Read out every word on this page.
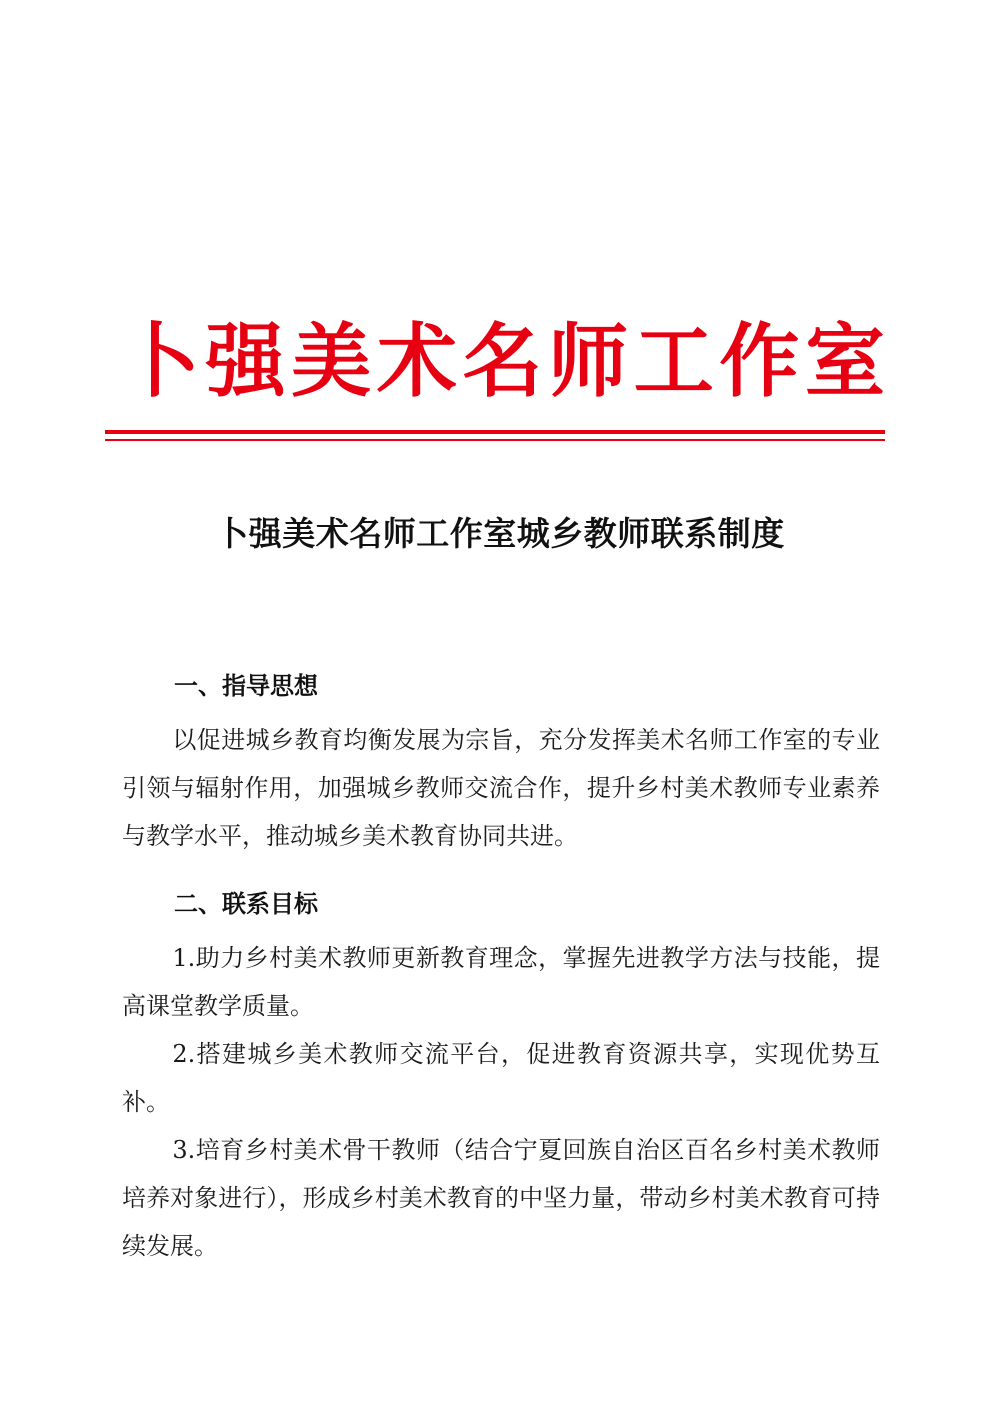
卜 强 美 术 名 师 工 作 室
卜强美术名师工作室城乡教师联系制度
一、指导思想

以促进城乡教育均衡发展为宗旨，充分发挥美术名师工作室的专业引领与辐射作用，加强城乡教师交流合作，提升乡村美术教师专业素养与教学水平，推动城乡美术教育协同共进。

二、联系目标

1.助力乡村美术教师更新教育理念，掌握先进教学方法与技能，提高课堂教学质量。

2.搭建城乡美术教师交流平台，促进教育资源共享，实现优势互补。

3.培育乡村美术骨干教师（结合宁夏回族自治区百名乡村美术教师培养对象进行），形成乡村美术教育的中坚力量，带动乡村美术教育可持续发展。
